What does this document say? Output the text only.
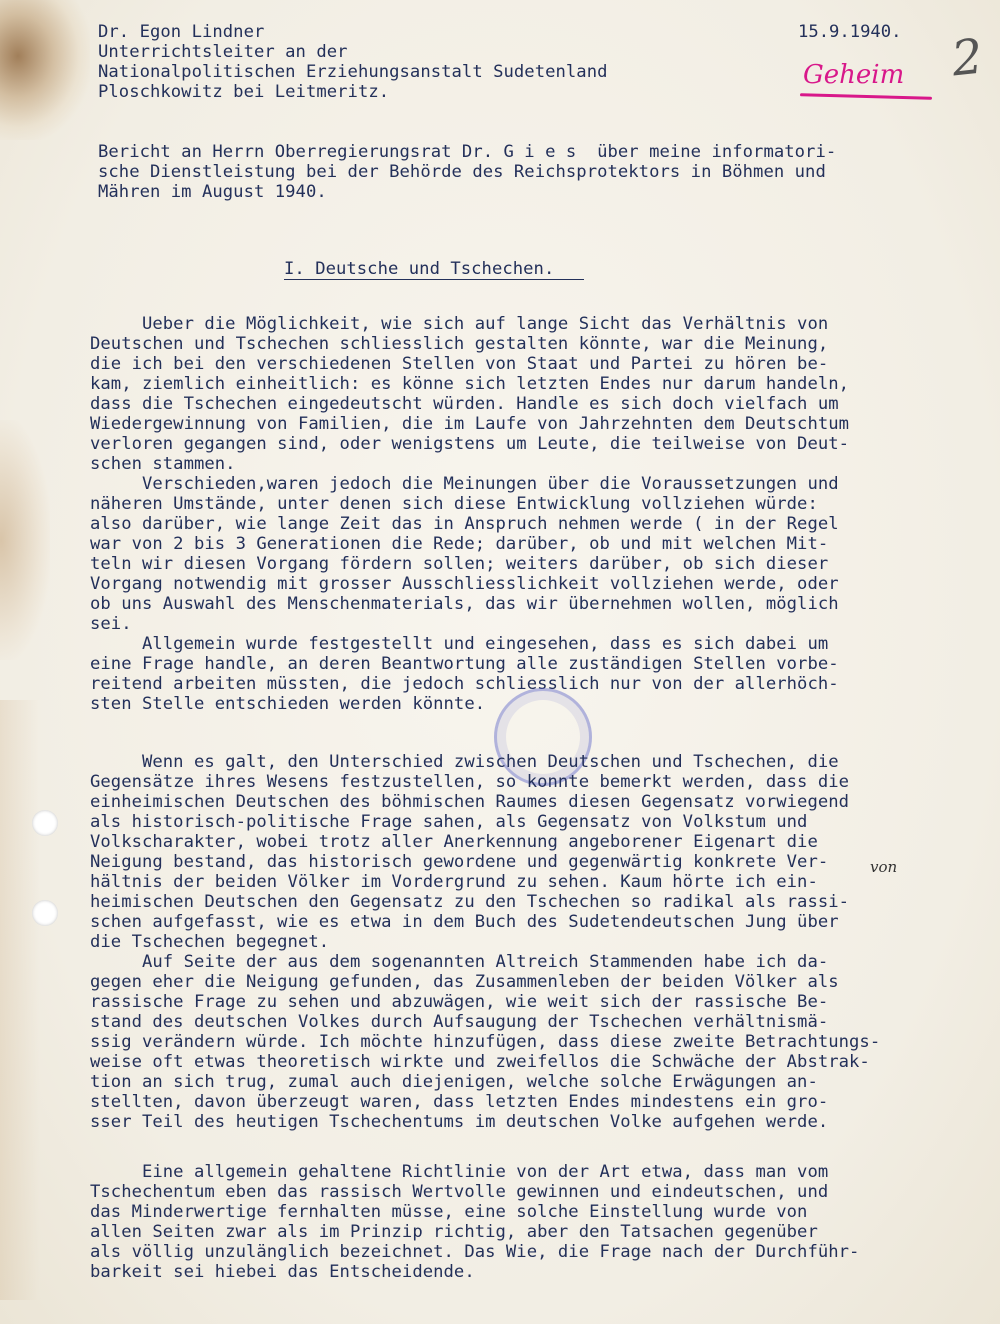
Dr. Egon Lindner
Unterrichtsleiter an der
Nationalpolitischen Erziehungsanstalt Sudetenland
Ploschkowitz bei Leitmeritz.
15.9.1940. 2
Geheim
Bericht an Herrn Oberregierungsrat Dr. G i e s  über meine informatori-
sche Dienstleistung bei der Behörde des Reichsprotektors in Böhmen und
Mähren im August 1940.
I. Deutsche und Tschechen.
Ueber die Möglichkeit, wie sich auf lange Sicht das Verhältnis von
Deutschen und Tschechen schliesslich gestalten könnte, war die Meinung,
die ich bei den verschiedenen Stellen von Staat und Partei zu hören be-
kam, ziemlich einheitlich: es könne sich letzten Endes nur darum handeln,
dass die Tschechen eingedeutscht würden. Handle es sich doch vielfach um
Wiedergewinnung von Familien, die im Laufe von Jahrzehnten dem Deutschtum
verloren gegangen sind, oder wenigstens um Leute, die teilweise von Deut-
schen stammen.
Verschieden,waren jedoch die Meinungen über die Voraussetzungen und
näheren Umstände, unter denen sich diese Entwicklung vollziehen würde:
also darüber, wie lange Zeit das in Anspruch nehmen werde ( in der Regel
war von 2 bis 3 Generationen die Rede; darüber, ob und mit welchen Mit-
teln wir diesen Vorgang fördern sollen; weiters darüber, ob sich dieser
Vorgang notwendig mit grosser Ausschliesslichkeit vollziehen werde, oder
ob uns Auswahl des Menschenmaterials, das wir übernehmen wollen, möglich
sei.
Allgemein wurde festgestellt und eingesehen, dass es sich dabei um
eine Frage handle, an deren Beantwortung alle zuständigen Stellen vorbe-
reitend arbeiten müssten, die jedoch schliesslich nur von der allerhöch-
sten Stelle entschieden werden könnte.
Wenn es galt, den Unterschied zwischen Deutschen und Tschechen, die
Gegensätze ihres Wesens festzustellen, so konnte bemerkt werden, dass die
einheimischen Deutschen des böhmischen Raumes diesen Gegensatz vorwiegend
als historisch-politische Frage sahen, als Gegensatz von Volkstum und
Volkscharakter, wobei trotz aller Anerkennung angeborener Eigenart die
Neigung bestand, das historisch gewordene und gegenwärtig konkrete Ver-
hältnis der beiden Völker im Vordergrund zu sehen. Kaum hörte ich ein-
heimischen Deutschen den Gegensatz zu den Tschechen so radikal als rassi-
schen aufgefasst, wie es etwa in dem Buch des Sudetendeutschen Jung über
die Tschechen begegnet.
von
Auf Seite der aus dem sogenannten Altreich Stammenden habe ich da-
gegen eher die Neigung gefunden, das Zusammenleben der beiden Völker als
rassische Frage zu sehen und abzuwägen, wie weit sich der rassische Be-
stand des deutschen Volkes durch Aufsaugung der Tschechen verhältnismä-
ssig verändern würde. Ich möchte hinzufügen, dass diese zweite Betrachtungs-
weise oft etwas theoretisch wirkte und zweifellos die Schwäche der Abstrak-
tion an sich trug, zumal auch diejenigen, welche solche Erwägungen an-
stellten, davon überzeugt waren, dass letzten Endes mindestens ein gro-
sser Teil des heutigen Tschechentums im deutschen Volke aufgehen werde.
Eine allgemein gehaltene Richtlinie von der Art etwa, dass man vom
Tschechentum eben das rassisch Wertvolle gewinnen und eindeutschen, und
das Minderwertige fernhalten müsse, eine solche Einstellung wurde von
allen Seiten zwar als im Prinzip richtig, aber den Tatsachen gegenüber
als völlig unzulänglich bezeichnet. Das Wie, die Frage nach der Durchführ-
barkeit sei hiebei das Entscheidende.
